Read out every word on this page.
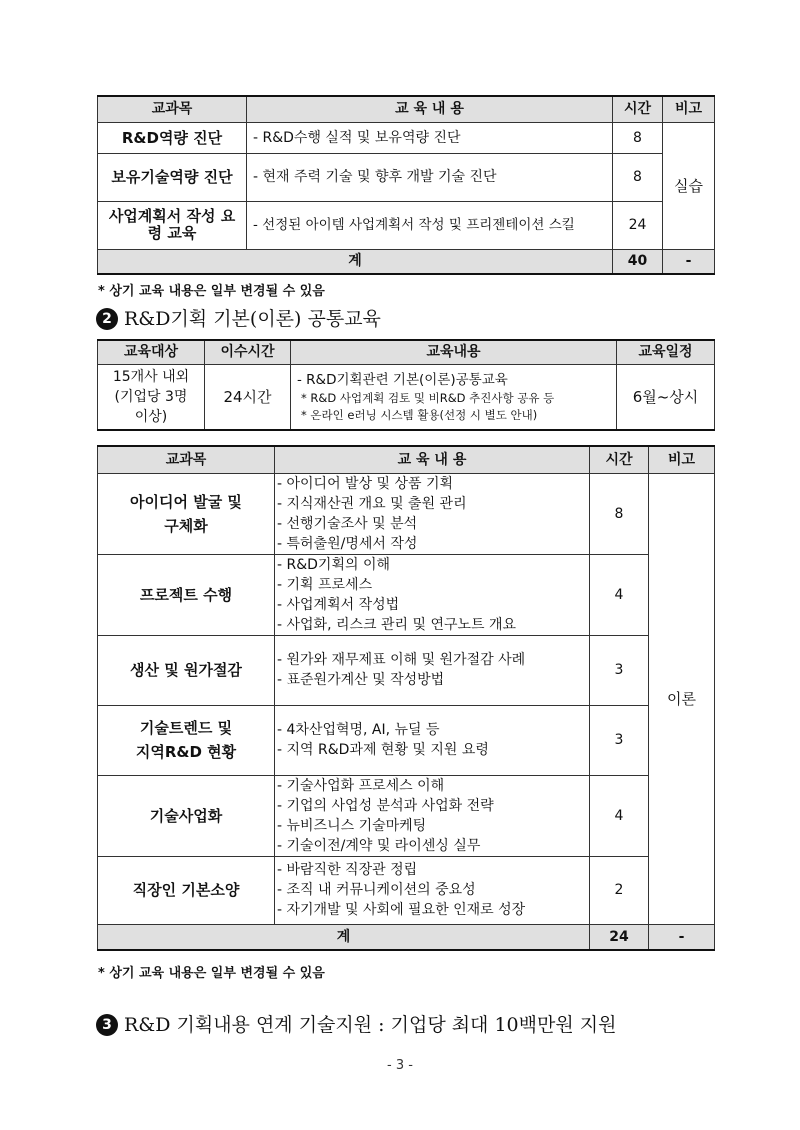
교과목	교 육 내 용	시간	비고
R&D역량 진단	- R&D수행 실적 및 보유역량 진단	8	실습
보유기술역량 진단	- 현재 주력 기술 및 향후 개발 기술 진단	8	
사업계획서 작성 요령 교육	- 선정된 아이템 사업계획서 작성 및 프리젠테이션 스킬	24	
계		40	-
* 상기 교육 내용은 일부 변경될 수 있음
2 R&D기획 기본(이론) 공통교육
교육대상	이수시간	교육내용	교육일정

15개사 내외
(기업당 3명
이상)	24시간	- R&D기획관련 기본(이론)공통교육
* R&D 사업계획 검토 및 비R&D 추진사항 공유 등
* 온라인 e러닝 시스템 활용(선정 시 별도 안내)	6월~상시
교과목	교 육 내 용	시간	비고

아이디어 발굴 및
구체화	- 아이디어 발상 및 상품 기획
- 지식재산권 개요 및 출원 관리
- 선행기술조사 및 분석
- 특허출원/명세서 작성	8	이론
프로젝트 수행	- R&D기획의 이해
- 기획 프로세스
- 사업계획서 작성법
- 사업화, 리스크 관리 및 연구노트 개요	4	
생산 및 원가절감	- 원가와 재무제표 이해 및 원가절감 사례
- 표준원가계산 및 작성방법	3	

기술트렌드 및
지역R&D 현황	- 4차산업혁명, AI, 뉴딜 등
- 지역 R&D과제 현황 및 지원 요령	3	
기술사업화	- 기술사업화 프로세스 이해
- 기업의 사업성 분석과 사업화 전략
- 뉴비즈니스 기술마케팅
- 기술이전/계약 및 라이센싱 실무	4	
직장인 기본소양	- 바람직한 직장관 정립
- 조직 내 커뮤니케이션의 중요성
- 자기개발 및 사회에 필요한 인재로 성장	2	
계		24	-
* 상기 교육 내용은 일부 변경될 수 있음
3 R&D 기획내용 연계 기술지원 : 기업당 최대 10백만원 지원
- 3 -
